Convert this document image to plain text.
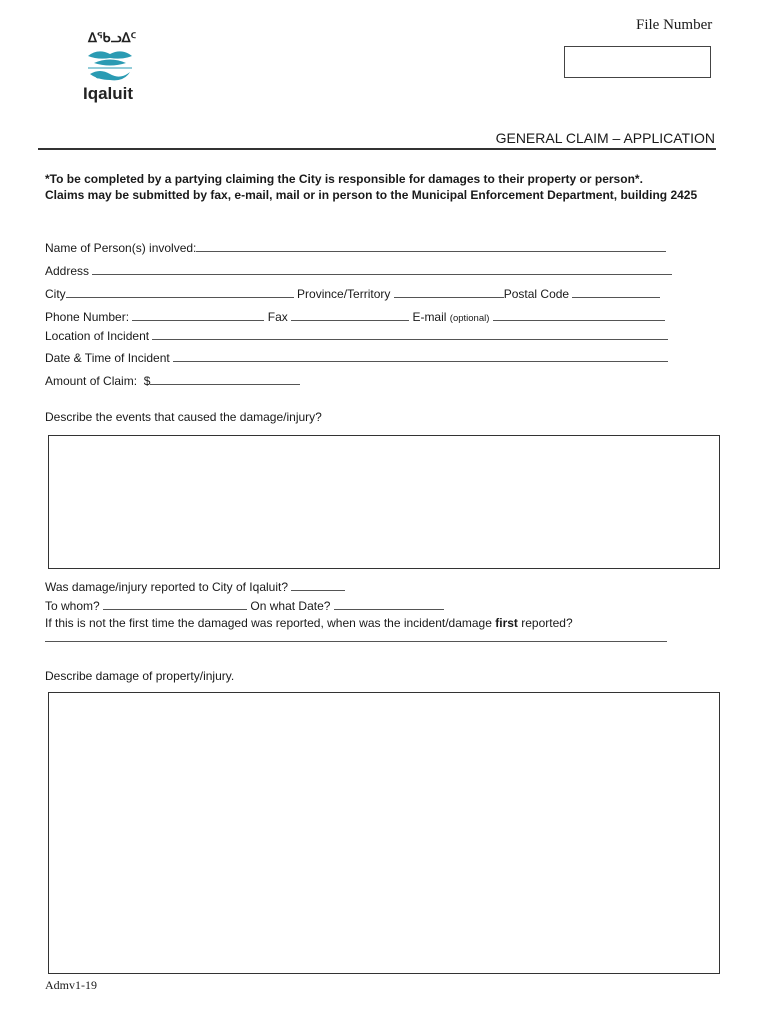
ᐃᖃᓗᐃᑦ
Iqaluit
File Number
GENERAL CLAIM – APPLICATION
*To be completed by a partying claiming the City is responsible for damages to their property or person*.
Claims may be submitted by fax, e-mail, mail or in person to the Municipal Enforcement Department, building 2425
Name of Person(s) involved:
Address
City	Province/Territory	Postal Code
Phone Number:	Fax	E-mail (optional)
Location of Incident
Date & Time of Incident
Amount of Claim: $
Describe the events that caused the damage/injury?
Was damage/injury reported to City of Iqaluit?
To whom?	On what Date?
If this is not the first time the damaged was reported, when was the incident/damage first reported?
Describe damage of property/injury.
Admv1-19
